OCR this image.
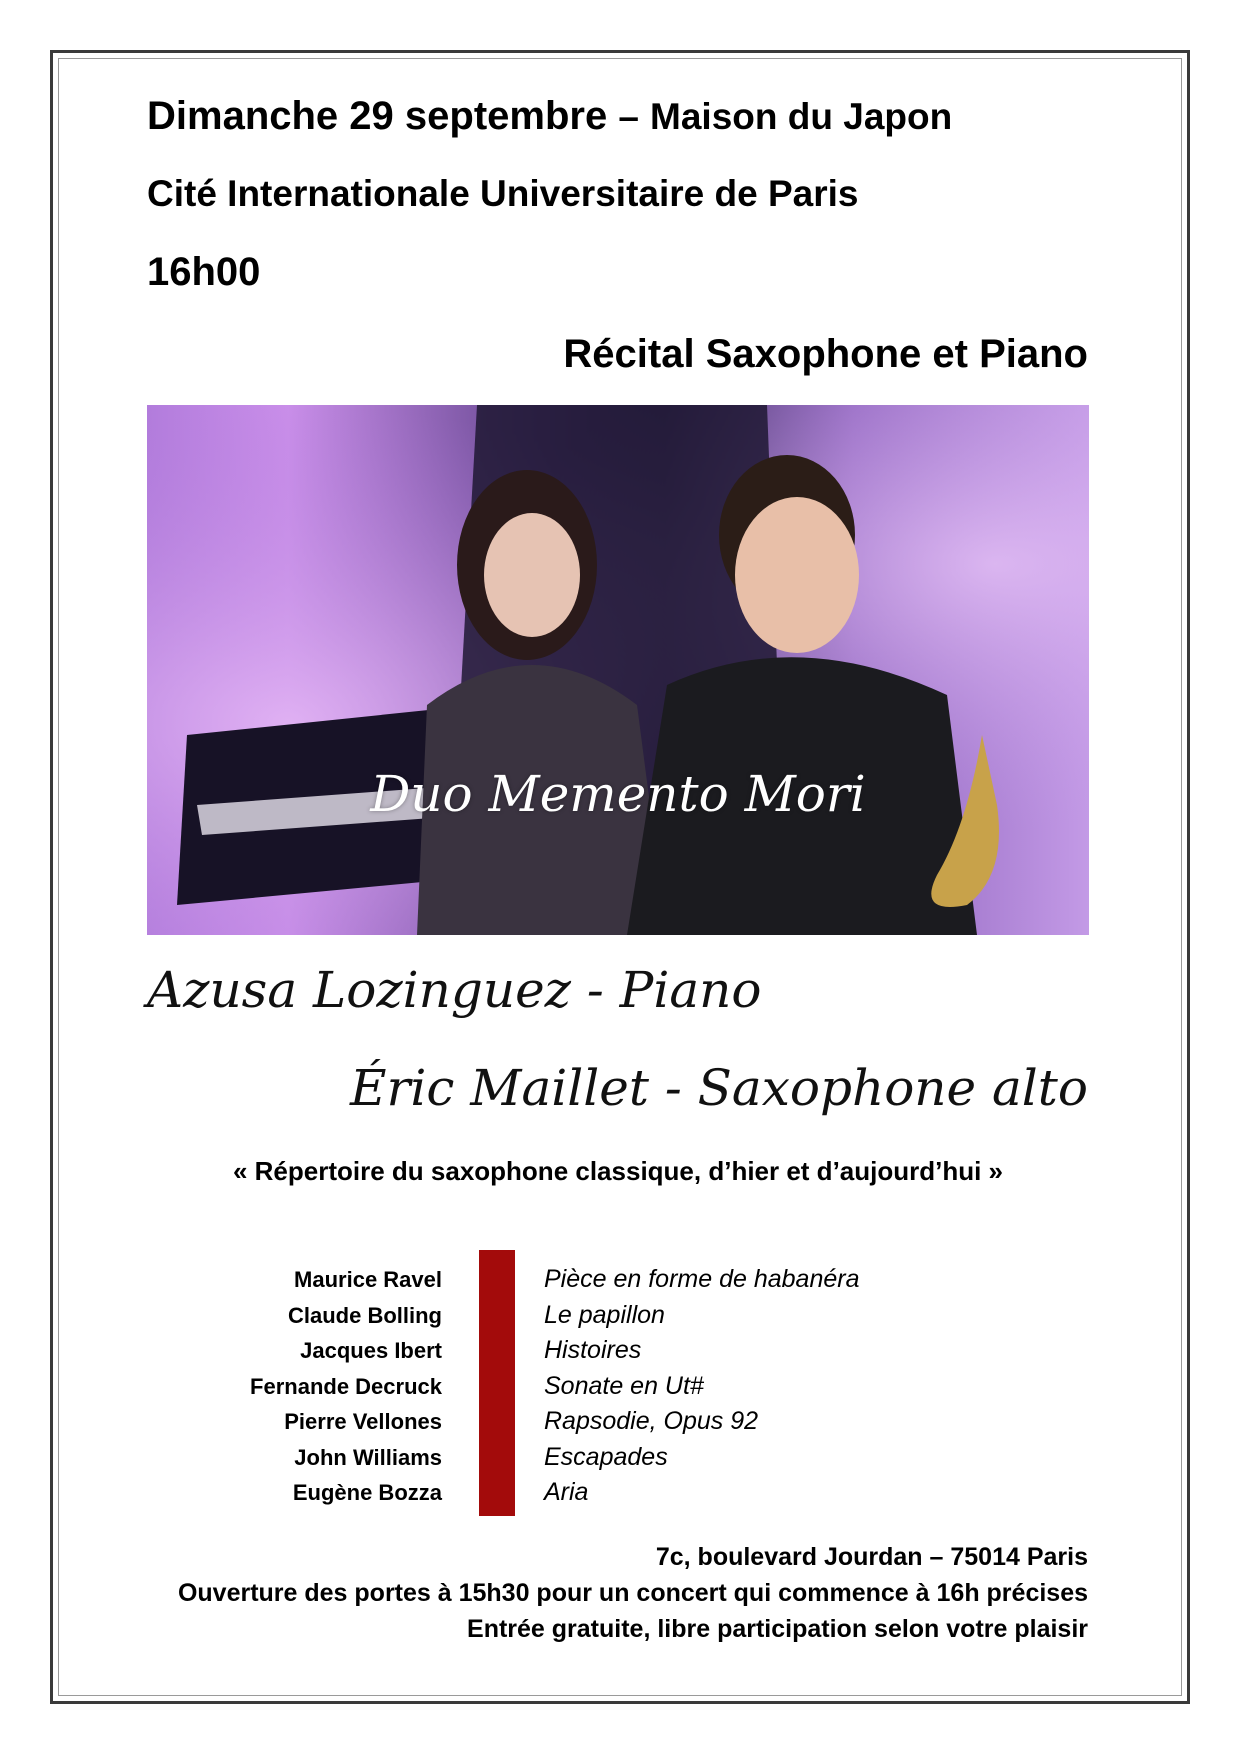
Dimanche 29 septembre – Maison du Japon
Cité Internationale Universitaire de Paris
16h00
Récital Saxophone et Piano
Duo Memento Mori
Azusa Lozinguez - Piano
Éric Maillet - Saxophone alto
« Répertoire du saxophone classique, d’hier et d’aujourd’hui »
Maurice Ravel
Claude Bolling
Jacques Ibert
Fernande Decruck
Pierre Vellones
John Williams
Eugène Bozza
Pièce en forme de habanéra
Le papillon
Histoires
Sonate en Ut#
Rapsodie, Opus 92
Escapades
Aria
7c, boulevard Jourdan – 75014 Paris
Ouverture des portes à 15h30 pour un concert qui commence à 16h précises
Entrée gratuite, libre participation selon votre plaisir
